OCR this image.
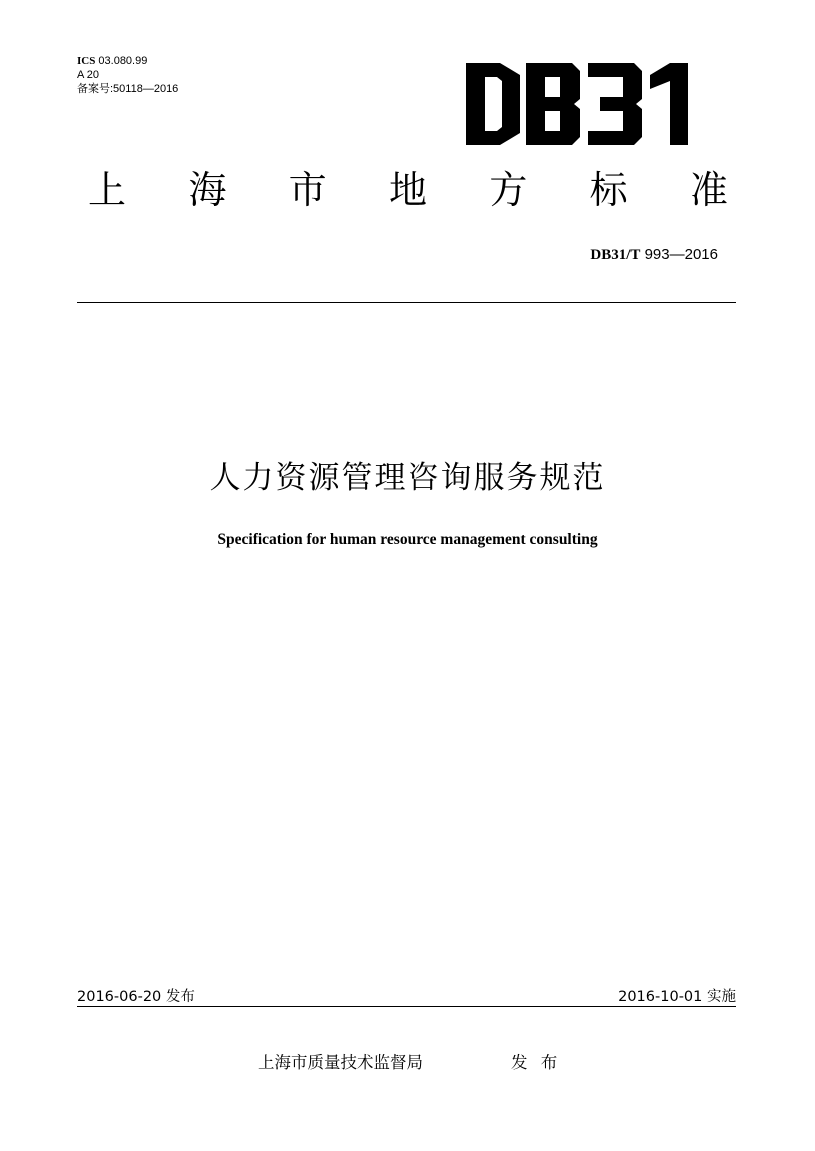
ICS 03.080.99
A 20
备案号:50118—2016
上 海 市 地 方 标 准
DB31/T 993—2016
人力资源管理咨询服务规范
Specification for human resource management consulting
2016-06-20 发布	2016-10-01 实施
上海市质量技术监督局	发 布
